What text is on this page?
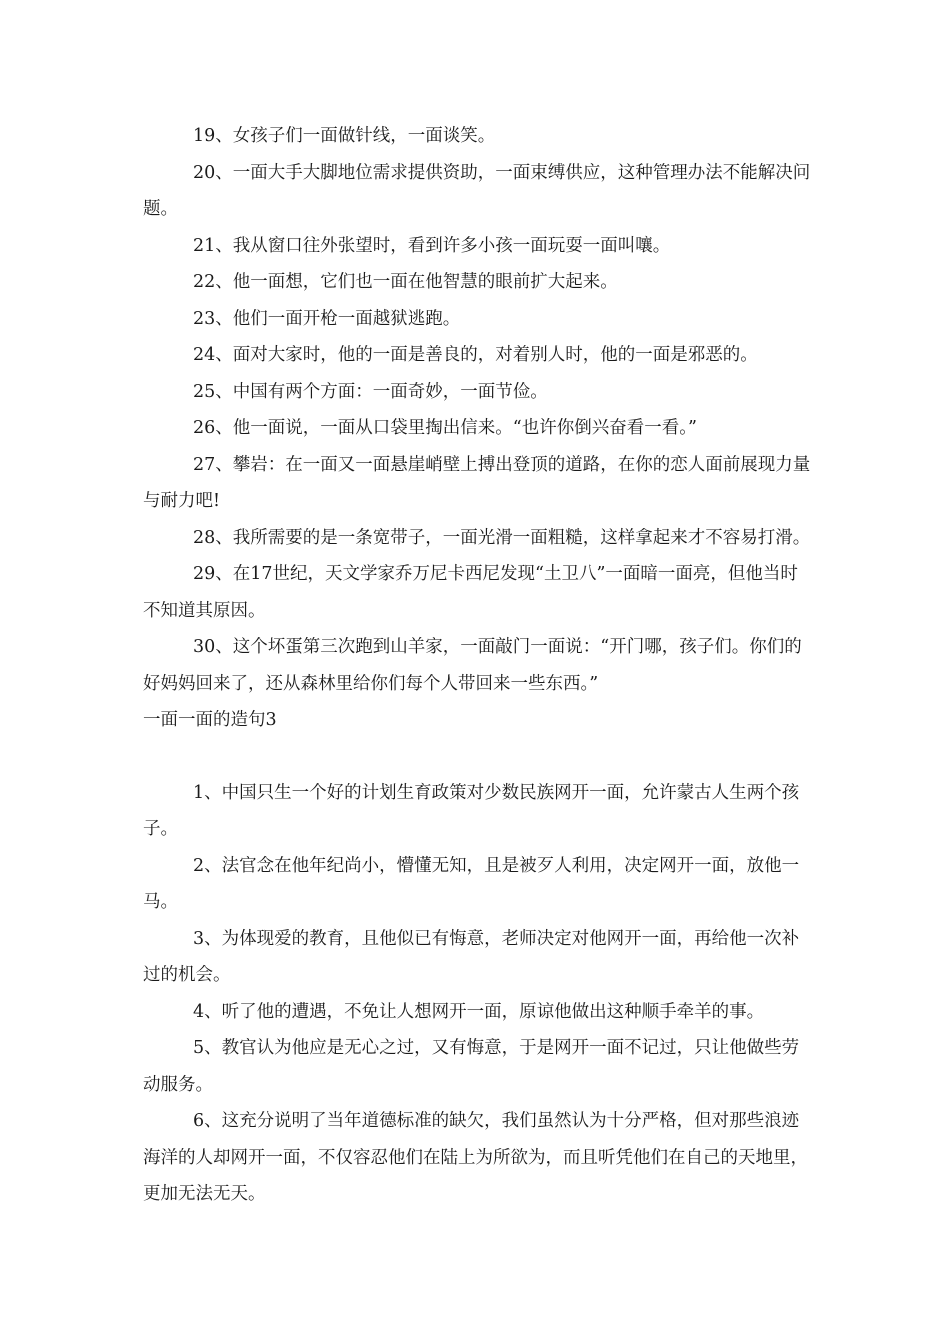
19、女孩子们一面做针线，一面谈笑。

20、一面大手大脚地位需求提供资助，一面束缚供应，这种管理办法不能解决问题。

21、我从窗口往外张望时，看到许多小孩一面玩耍一面叫嚷。

22、他一面想，它们也一面在他智慧的眼前扩大起来。

23、他们一面开枪一面越狱逃跑。

24、面对大家时，他的一面是善良的，对着别人时，他的一面是邪恶的。

25、中国有两个方面：一面奇妙，一面节俭。

26、他一面说，一面从口袋里掏出信来。“也许你倒兴奋看一看。”

27、攀岩：在一面又一面悬崖峭壁上搏出登顶的道路，在你的恋人面前展现力量与耐力吧!

28、我所需要的是一条宽带子，一面光滑一面粗糙，这样拿起来才不容易打滑。

29、在17世纪，天文学家乔万尼卡西尼发现“土卫八”一面暗一面亮，但他当时不知道其原因。

30、这个坏蛋第三次跑到山羊家，一面敲门一面说：“开门哪，孩子们。你们的好妈妈回来了，还从森林里给你们每个人带回来一些东西。”

一面一面的造句3

1、中国只生一个好的计划生育政策对少数民族网开一面，允许蒙古人生两个孩子。

2、法官念在他年纪尚小，懵懂无知，且是被歹人利用，决定网开一面，放他一马。

3、为体现爱的教育，且他似已有悔意，老师决定对他网开一面，再给他一次补过的机会。

4、听了他的遭遇，不免让人想网开一面，原谅他做出这种顺手牵羊的事。

5、教官认为他应是无心之过，又有悔意，于是网开一面不记过，只让他做些劳动服务。

6、这充分说明了当年道德标准的缺欠，我们虽然认为十分严格，但对那些浪迹海洋的人却网开一面，不仅容忍他们在陆上为所欲为，而且听凭他们在自己的天地里，更加无法无天。
